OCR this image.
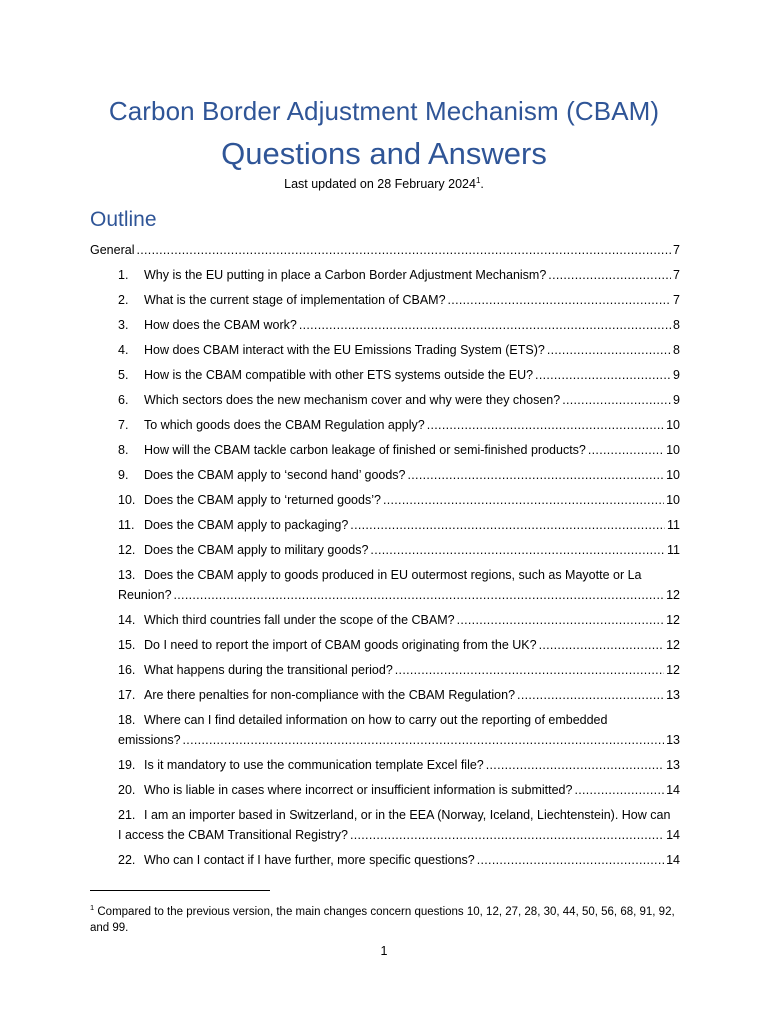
Carbon Border Adjustment Mechanism (CBAM)
Questions and Answers
Last updated on 28 February 2024$^1$.
Outline
General .....	7
1.	Why is the EU putting in place a Carbon Border Adjustment Mechanism? .....	7
2.	What is the current stage of implementation of CBAM? .....	7
3.	How does the CBAM work? .....	8
4.	How does CBAM interact with the EU Emissions Trading System (ETS)? .....	8
5.	How is the CBAM compatible with other ETS systems outside the EU? .....	9
6.	Which sectors does the new mechanism cover and why were they chosen? .....	9
7.	To which goods does the CBAM Regulation apply? .....	10
8.	How will the CBAM tackle carbon leakage of finished or semi-finished products? .....	10
9.	Does the CBAM apply to ‘second hand’ goods? .....	10
10. Does the CBAM apply to ‘returned goods’? .....	10
11. Does the CBAM apply to packaging? .....	11
12. Does the CBAM apply to military goods? .....	11
13. Does the CBAM apply to goods produced in EU outermost regions, such as Mayotte or La
Reunion? .....	12
14. Which third countries fall under the scope of the CBAM? .....	12
15. Do I need to report the import of CBAM goods originating from the UK? .....	12
16. What happens during the transitional period? .....	12
17. Are there penalties for non-compliance with the CBAM Regulation? .....	13
18. Where can I find detailed information on how to carry out the reporting of embedded
emissions? .....	13
19. Is it mandatory to use the communication template Excel file? .....	13
20. Who is liable in cases where incorrect or insufficient information is submitted? .....	14
21. I am an importer based in Switzerland, or in the EEA (Norway, Iceland, Liechtenstein). How can
I access the CBAM Transitional Registry? .....	14
22. Who can I contact if I have further, more specific questions? .....	14
$^1$ Compared to the previous version, the main changes concern questions 10, 12, 27, 28, 30, 44, 50, 56, 68, 91, 92,
and 99.
1
